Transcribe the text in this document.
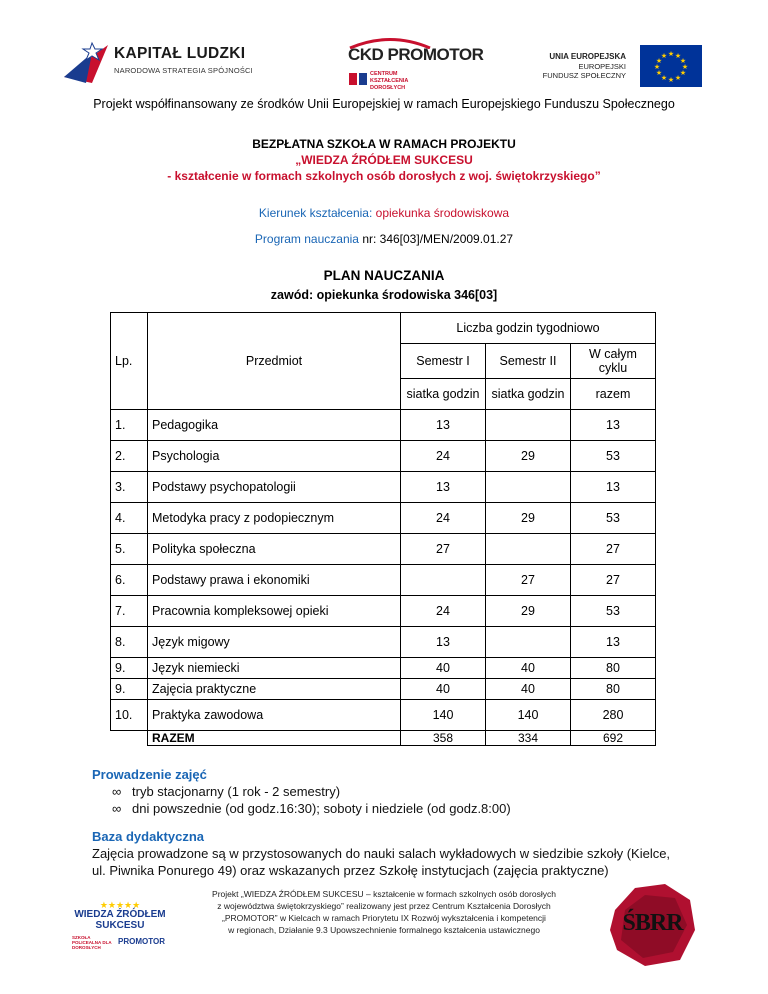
KAPITAŁ LUDZKI
NARODOWA STRATEGIA SPÓJNOŚCI
CKD PROMOTOR
CENTRUM KSZTAŁCENIA DOROSŁYCH
UNIA EUROPEJSKA
EUROPEJSKI
FUNDUSZ SPOŁECZNY
★ ★
★
★
★
★
★
★
★
★
★
★
Projekt współfinansowany ze środków Unii Europejskiej w ramach Europejskiego Funduszu Społecznego
BEZPŁATNA SZKOŁA W RAMACH PROJEKTU
„WIEDZA ŹRÓDŁEM SUKCESU
- kształcenie w formach szkolnych osób dorosłych z woj. świętokrzyskiego”
Kierunek kształcenia: opiekunka środowiskowa
Program nauczania nr: 346[03]/MEN/2009.01.27
PLAN NAUCZANIA
zawód: opiekunka środowiska 346[03]
Lp.	Przedmiot	Liczba godzin tygodniowo		
		Semestr I	Semestr II	W całym cyklu
		siatka godzin	siatka godzin	razem
1.	Pedagogika	13		13
2.	Psychologia	24	29	53
3.	Podstawy psychopatologii	13		13
4.	Metodyka pracy z podopiecznym	24	29	53
5.	Polityka społeczna	27		27
6.	Podstawy prawa i ekonomiki		27	27
7.	Pracownia kompleksowej opieki	24	29	53
8.	Język migowy	13		13
9.	Język niemiecki	40	40	80
9.	Zajęcia praktyczne	40	40	80
10.	Praktyka zawodowa	140	140	280
	RAZEM	358	334	692
Prowadzenie zajęć
∞ tryb stacjonarny (1 rok - 2 semestry)
∞ dni powszednie (od godz.16:30); soboty i niedziele (od godz.8:00)
Baza dydaktyczna
Zajęcia prowadzone są w przystosowanych do nauki salach wykładowych w siedzibie szkoły (Kielce,
ul. Piwnika Ponurego 49) oraz wskazanych przez Szkołę instytucjach (zajęcia praktyczne)
★★★★★
WIEDZA ŹRÓDŁEM SUKCESU
SZKOŁA POLICEALNA DLA DOROSŁYCH
PROMOTOR
Projekt „WIEDZA ŹRÓDŁEM SUKCESU – kształcenie w formach szkolnych osób dorosłych
z województwa świętokrzyskiego” realizowany jest przez Centrum Kształcenia Dorosłych
„PROMOTOR” w Kielcach w ramach Priorytetu IX Rozwój wykształcenia i kompetencji
w regionach, Działanie 9.3 Upowszechnienie formalnego kształcenia ustawicznego	ŚBRR
